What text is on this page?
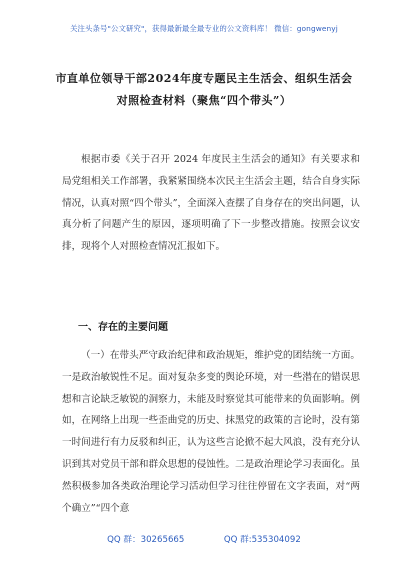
关注头条号"公文研究"，获得最新最全最专业的公文资料库！ 微信：gongwenyj
市直单位领导干部2024年度专题民主生活会、组织生活会
对照检查材料（聚焦“四个带头”）
根据市委《关于召开 2024 年度民主生活会的通知》有关要求和局党组相关工作部署，我紧紧围绕本次民主生活会主题，结合自身实际情况，认真对照“四个带头”，全面深入查摆了自身存在的突出问题，认真分析了问题产生的原因，逐项明确了下一步整改措施。按照会议安排，现将个人对照检查情况汇报如下。
一、存在的主要问题
（一）在带头严守政治纪律和政治规矩，维护党的团结统一方面。一是政治敏锐性不足。面对复杂多变的舆论环境，对一些潜在的错误思想和言论缺乏敏锐的洞察力，未能及时察觉其可能带来的负面影响。例如，在网络上出现一些歪曲党的历史、抹黑党的政策的言论时，没有第一时间进行有力反驳和纠正，认为这些言论掀不起大风浪，没有充分认识到其对党员干部和群众思想的侵蚀性。二是政治理论学习表面化。虽然积极参加各类政治理论学习活动但学习往往停留在文字表面，对“两个确立”“四个意
QQ 群：30265665	QQ 群:535304092
